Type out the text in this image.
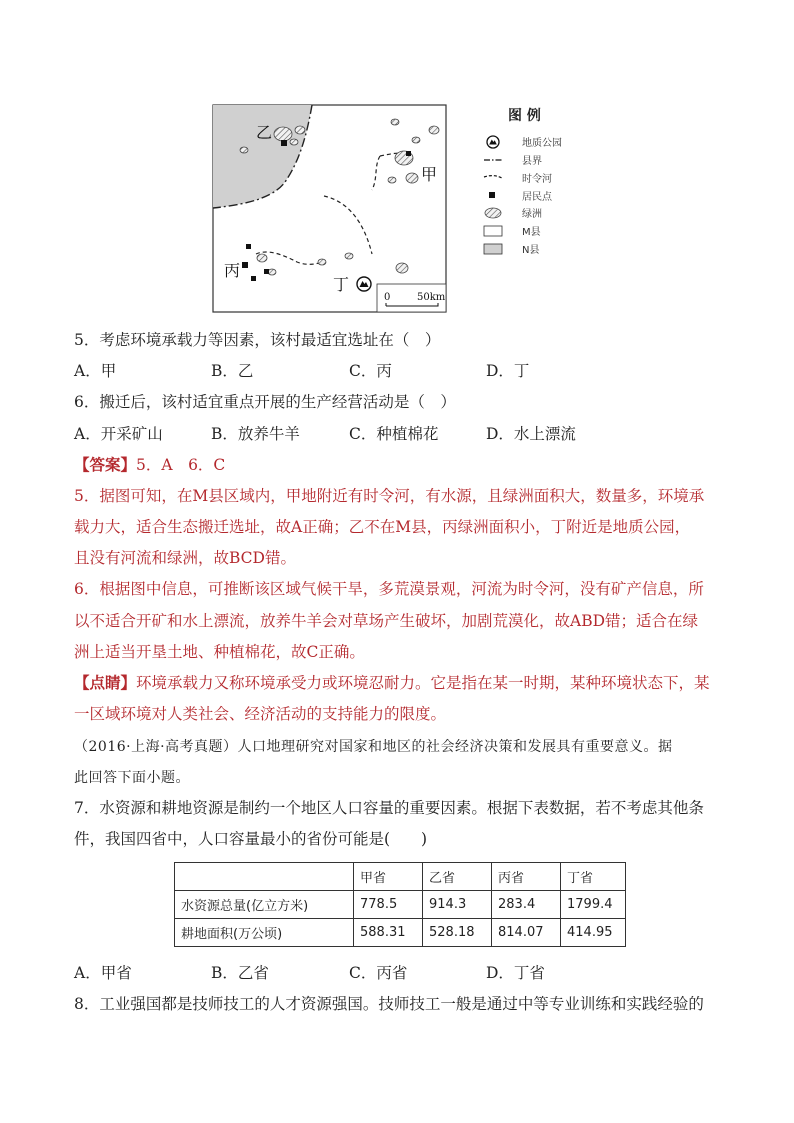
乙
甲
丙
丁
0	50km
图 例
地质公园
县界
时令河
居民点
绿洲
M县
N县
5．考虑环境承载力等因素，该村最适宜选址在（　）
A．甲	B．乙	C．丙	D．丁
6．搬迁后，该村适宜重点开展的生产经营活动是（　）
A．开采矿山	B．放养牛羊	C．种植棉花	D．水上漂流
【答案】5．A　6．C
5．据图可知，在M县区域内，甲地附近有时令河，有水源，且绿洲面积大，数量多，环境承
载力大，适合生态搬迁选址，故A正确；乙不在M县，丙绿洲面积小，丁附近是地质公园，
且没有河流和绿洲，故BCD错。
6．根据图中信息，可推断该区域气候干旱，多荒漠景观，河流为时令河，没有矿产信息，所
以不适合开矿和水上漂流，放养牛羊会对草场产生破坏，加剧荒漠化，故ABD错；适合在绿
洲上适当开垦土地、种植棉花，故C正确。
【点睛】环境承载力又称环境承受力或环境忍耐力。它是指在某一时期，某种环境状态下，某
一区域环境对人类社会、经济活动的支持能力的限度。
（2016·上海·高考真题）人口地理研究对国家和地区的社会经济决策和发展具有重要意义。据
此回答下面小题。
7．水资源和耕地资源是制约一个地区人口容量的重要因素。根据下表数据，若不考虑其他条
件，我国四省中，人口容量最小的省份可能是(　　)
	甲省	乙省	丙省	丁省
水资源总量(亿立方米)	778.5	914.3	283.4	1799.4
耕地面积(万公顷)	588.31	528.18	814.07	414.95
A．甲省	B．乙省	C．丙省	D．丁省
8．工业强国都是技师技工的人才资源强国。技师技工一般是通过中等专业训练和实践经验的
